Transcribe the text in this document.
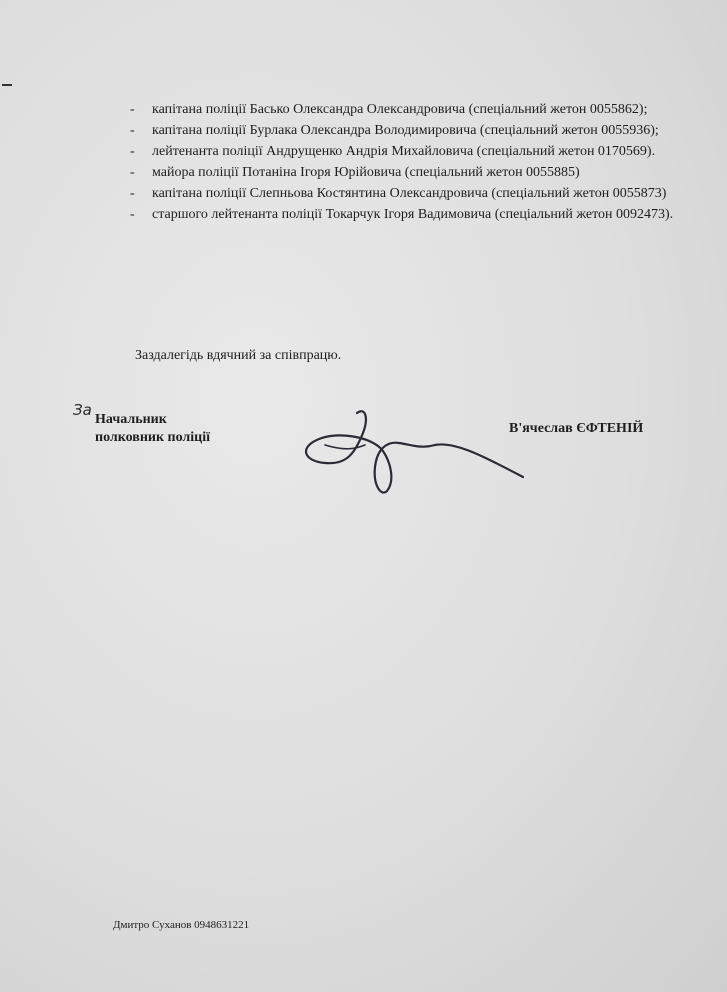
- капітана поліції Басько Олександра Олександровича (спеціальний жетон 0055862);
- капітана поліції Бурлака Олександра Володимировича (спеціальний жетон 0055936);
- лейтенанта поліції Андрущенко Андрія Михайловича (спеціальний жетон 0170569).
- майора поліції Потаніна Ігоря Юрійовича (спеціальний жетон 0055885)
- капітана поліції Слепньова Костянтина Олександровича (спеціальний жетон 0055873)
- старшого лейтенанта поліції Токарчук Ігоря Вадимовича (спеціальний жетон 0092473).
Заздалегідь вдячний за співпрацю.
За
Начальник
полковник поліції
В'ячеслав ЄФТЕНІЙ
Дмитро Суханов 0948631221
